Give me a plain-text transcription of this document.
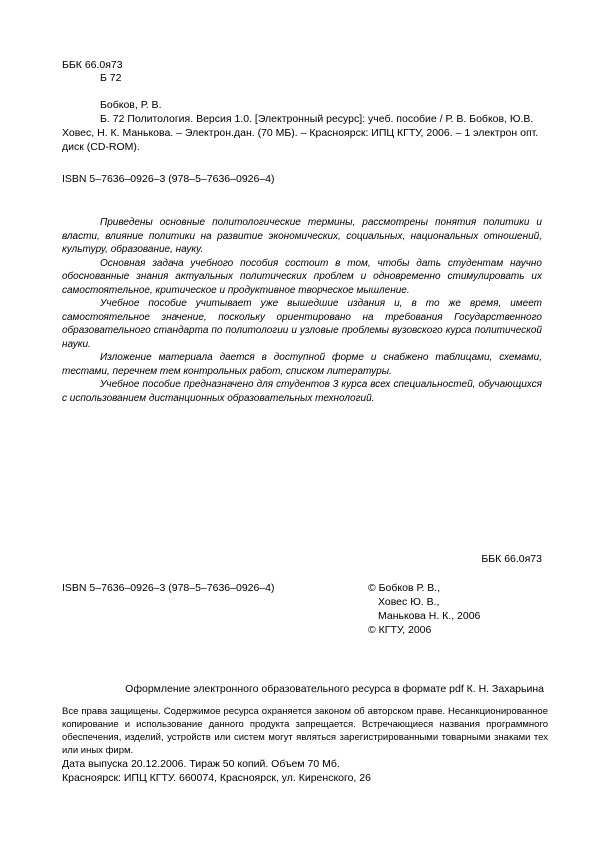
ББК 66.0я73
Б 72
Бобков, Р. В.
Б. 72 Политология. Версия 1.0. [Электронный ресурс]: учеб. пособие / Р. В. Бобков, Ю.В. Ховес, Н. К. Манькова. – Электрон.дан. (70 МБ). – Красноярск: ИПЦ КГТУ, 2006. – 1 электрон опт. диск (CD-ROM).
ISBN 5–7636–0926–3 (978–5–7636–0926–4)

Приведены основные политологические термины, рассмотрены понятия политики и власти, влияние политики на развитие экономических, социальных, национальных отношений, культуру, образование, науку.

Основная задача учебного пособия состоит в том, чтобы дать студентам научно обоснованные знания актуальных политических проблем и одновременно стимулировать их самостоятельное, критическое и продуктивное творческое мышление.

Учебное пособие учитывает уже вышедшие издания и, в то же время, имеет самостоятельное значение, поскольку ориентировано на требования Государственного образовательного стандарта по политологии и узловые проблемы вузовского курса политической науки.

Изложение материала дается в доступной форме и снабжено таблицами, схемами, тестами, перечнем тем контрольных работ, списком литературы.

Учебное пособие предназначено для студентов 3 курса всех специальностей, обучающихся с использованием дистанционных образовательных технологий.

ББК 66.0я73
ISBN 5–7636–0926–3 (978–5–7636–0926–4)	© Бобков Р. В.,
Ховес Ю. В.,
Манькова Н. К., 2006
© КГТУ, 2006
Оформление электронного образовательного ресурса в формате pdf К. Н. Захарьина
Все права защищены. Содержимое ресурса охраняется законом об авторском праве. Несанкционированное копирование и использование данного продукта запрещается. Встречающиеся названия программного обеспечения, изделий, устройств или систем могут являться зарегистрированными товарными знаками тех или иных фирм.
Дата выпуска 20.12.2006. Тираж 50 копий. Объем 70 Мб.
Красноярск: ИПЦ КГТУ. 660074, Красноярск, ул. Киренского, 26
